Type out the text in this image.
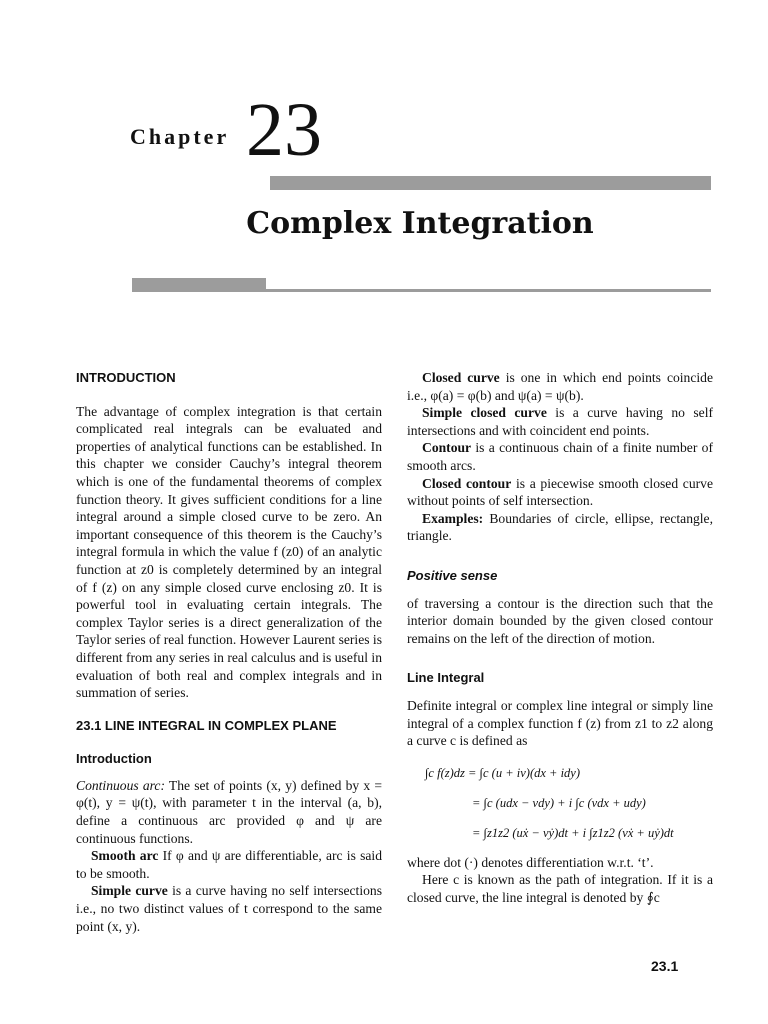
Chapter 23
Complex Integration
INTRODUCTION

The advantage of complex integration is that certain complicated real integrals can be evaluated and properties of analytical functions can be established. In this chapter we consider Cauchy’s integral theorem which is one of the fundamental theorems of complex function theory. It gives sufficient conditions for a line integral around a simple closed curve to be zero. An important consequence of this theorem is the Cauchy’s integral formula in which the value f (z0) of an analytic function at z0 is completely determined by an integral of f (z) on any simple closed curve enclosing z0. It is powerful tool in evaluating certain integrals. The complex Taylor series is a direct generalization of the Taylor series of real function. However Laurent series is different from any series in real calculus and is useful in evaluation of both real and complex integrals and in summation of series.

23.1 LINE INTEGRAL IN COMPLEX PLANE
Introduction

Continuous arc: The set of points (x, y) defined by x = φ(t), y = ψ(t), with parameter t in the interval (a, b), define a continuous arc provided φ and ψ are continuous functions.

Smooth arc If φ and ψ are differentiable, arc is said to be smooth.

Simple curve is a curve having no self intersections i.e., no two distinct values of t correspond to the same point (x, y).

Closed curve is one in which end points coincide i.e., φ(a) = φ(b) and ψ(a) = ψ(b).

Simple closed curve is a curve having no self intersections and with coincident end points.

Contour is a continuous chain of a finite number of smooth arcs.

Closed contour is a piecewise smooth closed curve without points of self intersection.

Examples: Boundaries of circle, ellipse, rectangle, triangle.

Positive sense

of traversing a contour is the direction such that the interior domain bounded by the given closed contour remains on the left of the direction of motion.

Line Integral

Definite integral or complex line integral or simply line integral of a complex function f (z) from z1 to z2 along a curve c is defined as

∫c f(z)dz = ∫c (u + iv)(dx + idy)
= ∫c (udx − vdy) + i ∫c (vdx + udy)
= ∫z1z2 (uẋ − vẏ)dt + i ∫z1z2 (vẋ + uẏ)dt

where dot (·) denotes differentiation w.r.t. ‘t’.

Here c is known as the path of integration. If it is a closed curve, the line integral is denoted by ∮c

23.1
